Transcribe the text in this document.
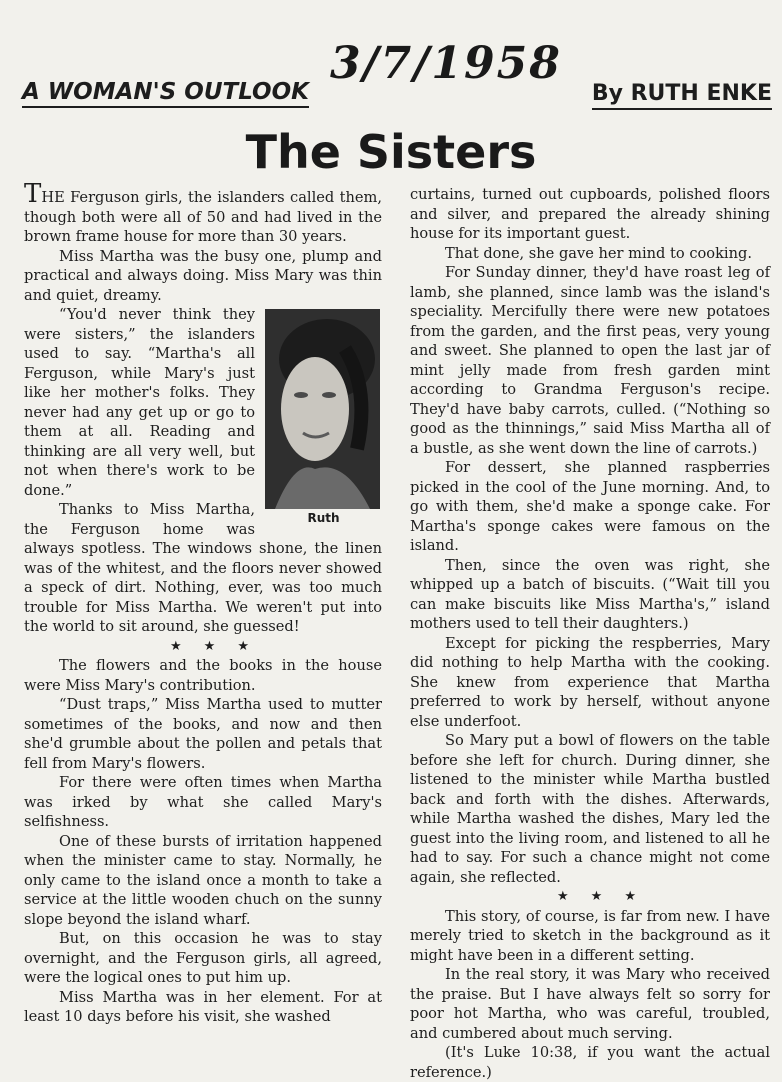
3/7/1958
A WOMAN'S OUTLOOK	By RUTH ENKE
The Sisters

THE Ferguson girls, the islanders called them, though both were all of 50 and had lived in the brown frame house for more than 30 years.

Miss Martha was the busy one, plump and practical and always doing. Miss Mary was thin and quiet, dreamy.

Ruth

“You'd never think they were sisters,” the islanders used to say. “Martha's all Ferguson, while Mary's just like her mother's folks. They never had any get up or go to them at all. Reading and thinking are all very well, but not when there's work to be done.”

Thanks to Miss Martha, the Ferguson home was always spotless. The windows shone, the linen was of the whitest, and the floors never showed a speck of dirt. Nothing, ever, was too much trouble for Miss Martha. We weren't put into the world to sit around, she guessed!

★★★

The flowers and the books in the house were Miss Mary's contribution.

“Dust traps,” Miss Martha used to mutter sometimes of the books, and now and then she'd grumble about the pollen and petals that fell from Mary's flowers.

For there were often times when Martha was irked by what she called Mary's selfishness.

One of these bursts of irritation happened when the minister came to stay. Normally, he only came to the island once a month to take a service at the little wooden chuch on the sunny slope beyond the island wharf.

But, on this occasion he was to stay overnight, and the Ferguson girls, all agreed, were the logical ones to put him up.

Miss Martha was in her element. For at least 10 days before his visit, she washed

curtains, turned out cupboards, polished floors and silver, and prepared the already shining house for its important guest.

That done, she gave her mind to cooking.

For Sunday dinner, they'd have roast leg of lamb, she planned, since lamb was the island's speciality. Mercifully there were new potatoes from the garden, and the first peas, very young and sweet. She planned to open the last jar of mint jelly made from fresh garden mint according to Grandma Ferguson's recipe. They'd have baby carrots, culled. (“Nothing so good as the thinnings,” said Miss Martha all of a bustle, as she went down the line of carrots.)

For dessert, she planned raspberries picked in the cool of the June morning. And, to go with them, she'd make a sponge cake. For Martha's sponge cakes were famous on the island.

Then, since the oven was right, she whipped up a batch of biscuits. (“Wait till you can make biscuits like Miss Martha's,” island mothers used to tell their daughters.)

Except for picking the respberries, Mary did nothing to help Martha with the cooking. She knew from experience that Martha preferred to work by herself, without anyone else underfoot.

So Mary put a bowl of flowers on the table before she left for church. During dinner, she listened to the minister while Martha bustled back and forth with the dishes. Afterwards, while Martha washed the dishes, Mary led the guest into the living room, and listened to all he had to say. For such a chance might not come again, she reflected.

★★★

This story, of course, is far from new. I have merely tried to sketch in the background as it might have been in a different setting.

In the real story, it was Mary who received the praise. But I have always felt so sorry for poor hot Martha, who was careful, troubled, and cumbered about much serving.

(It's Luke 10:38, if you want the actual reference.)
